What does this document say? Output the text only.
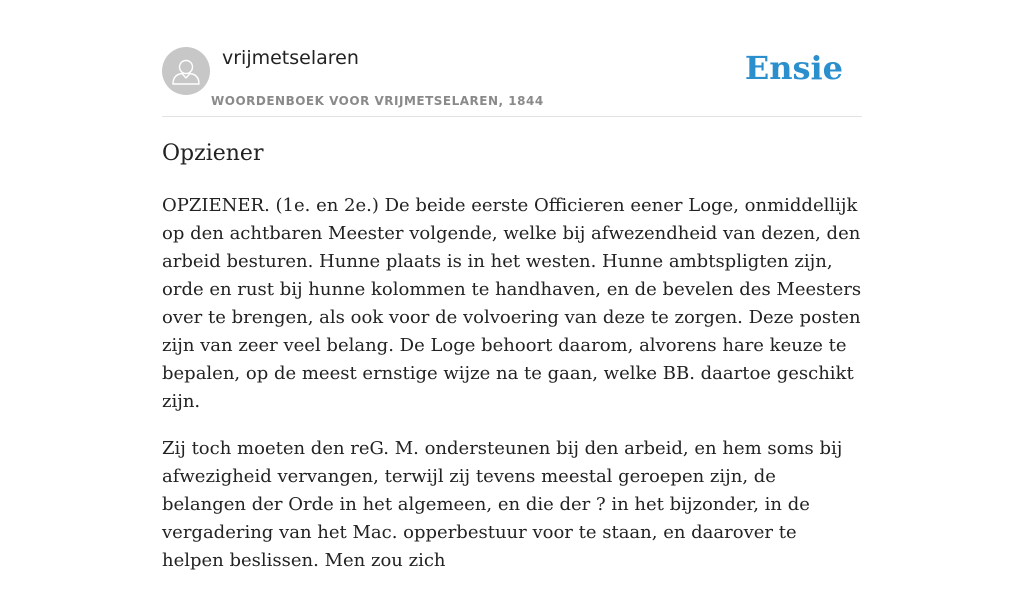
vrijmetselaren
WOORDENBOEK VOOR VRIJMETSELAREN, 1844
Ensie
Opziener

OPZIENER. (1e. en 2e.) De beide eerste Officieren eener Loge, onmiddellijk op den achtbaren Meester volgende, welke bij afwezendheid van dezen, den arbeid besturen. Hunne plaats is in het westen. Hunne ambtspligten zijn, orde en rust bij hunne kolommen te handhaven, en de bevelen des Meesters over te brengen, als ook voor de volvoering van deze te zorgen. Deze posten zijn van zeer veel belang. De Loge behoort daarom, alvorens hare keuze te bepalen, op de meest ernstige wijze na te gaan, welke BB. daartoe geschikt zijn.

Zij toch moeten den reG. M. ondersteunen bij den arbeid, en hem soms bij afwezigheid vervangen, terwijl zij tevens meestal geroepen zijn, de belangen der Orde in het algemeen, en die der ? in het bijzonder, in de vergadering van het Mac. opperbestuur voor te staan, en daarover te helpen beslissen. Men zou zich
